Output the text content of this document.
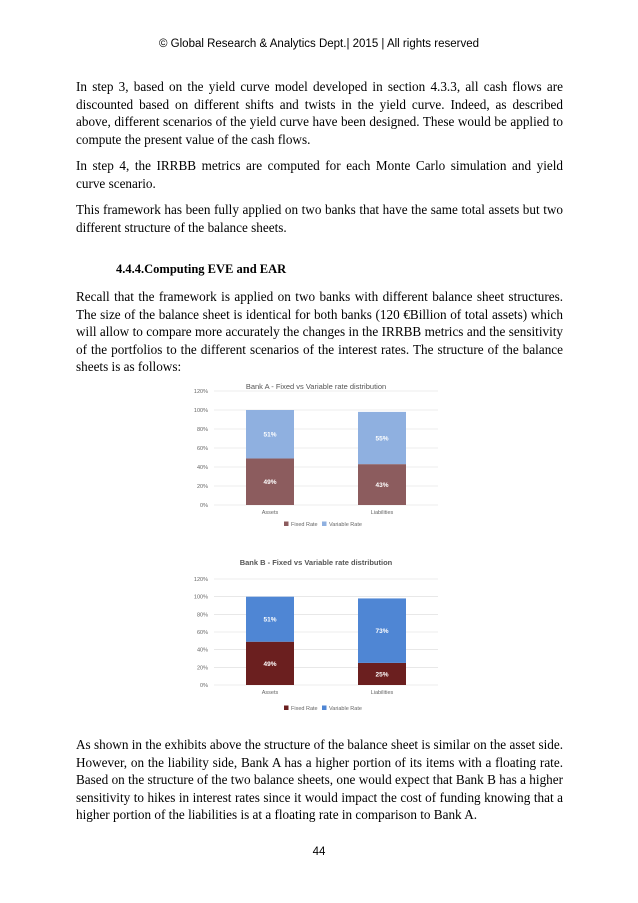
© Global Research & Analytics Dept.| 2015 | All rights reserved

In step 3, based on the yield curve model developed in section 4.3.3, all cash flows are discounted based on different shifts and twists in the yield curve. Indeed, as described above, different scenarios of the yield curve have been designed. These would be applied to compute the present value of the cash flows.

In step 4, the IRRBB metrics are computed for each Monte Carlo simulation and yield curve scenario.

This framework has been fully applied on two banks that have the same total assets but two different structure of the balance sheets.

4.4.4.Computing EVE and EAR

Recall that the framework is applied on two banks with different balance sheet structures. The size of the balance sheet is identical for both banks (120 €Billion of total assets) which will allow to compare more accurately the changes in the IRRBB metrics and the sensitivity of the portfolios to the different scenarios of the interest rates. The structure of the balance sheets is as follows:

Bank A - Fixed vs Variable rate distribution
0%
20%
40%
60%
80%
100%
120%
49%
51%
Assets
43%
55%
Liabilities
Fixed Rate Variable Rate
Bank B - Fixed vs Variable rate distribution
0%
20%
40%
60%
80%
100%
120%
49%
51%
Assets
25%
73%
Liabilities
Fixed Rate Variable Rate

As shown in the exhibits above the structure of the balance sheet is similar on the asset side. However, on the liability side, Bank A has a higher portion of its items with a floating rate. Based on the structure of the two balance sheets, one would expect that Bank B has a higher sensitivity to hikes in interest rates since it would impact the cost of funding knowing that a higher portion of the liabilities is at a floating rate in comparison to Bank A.

44
